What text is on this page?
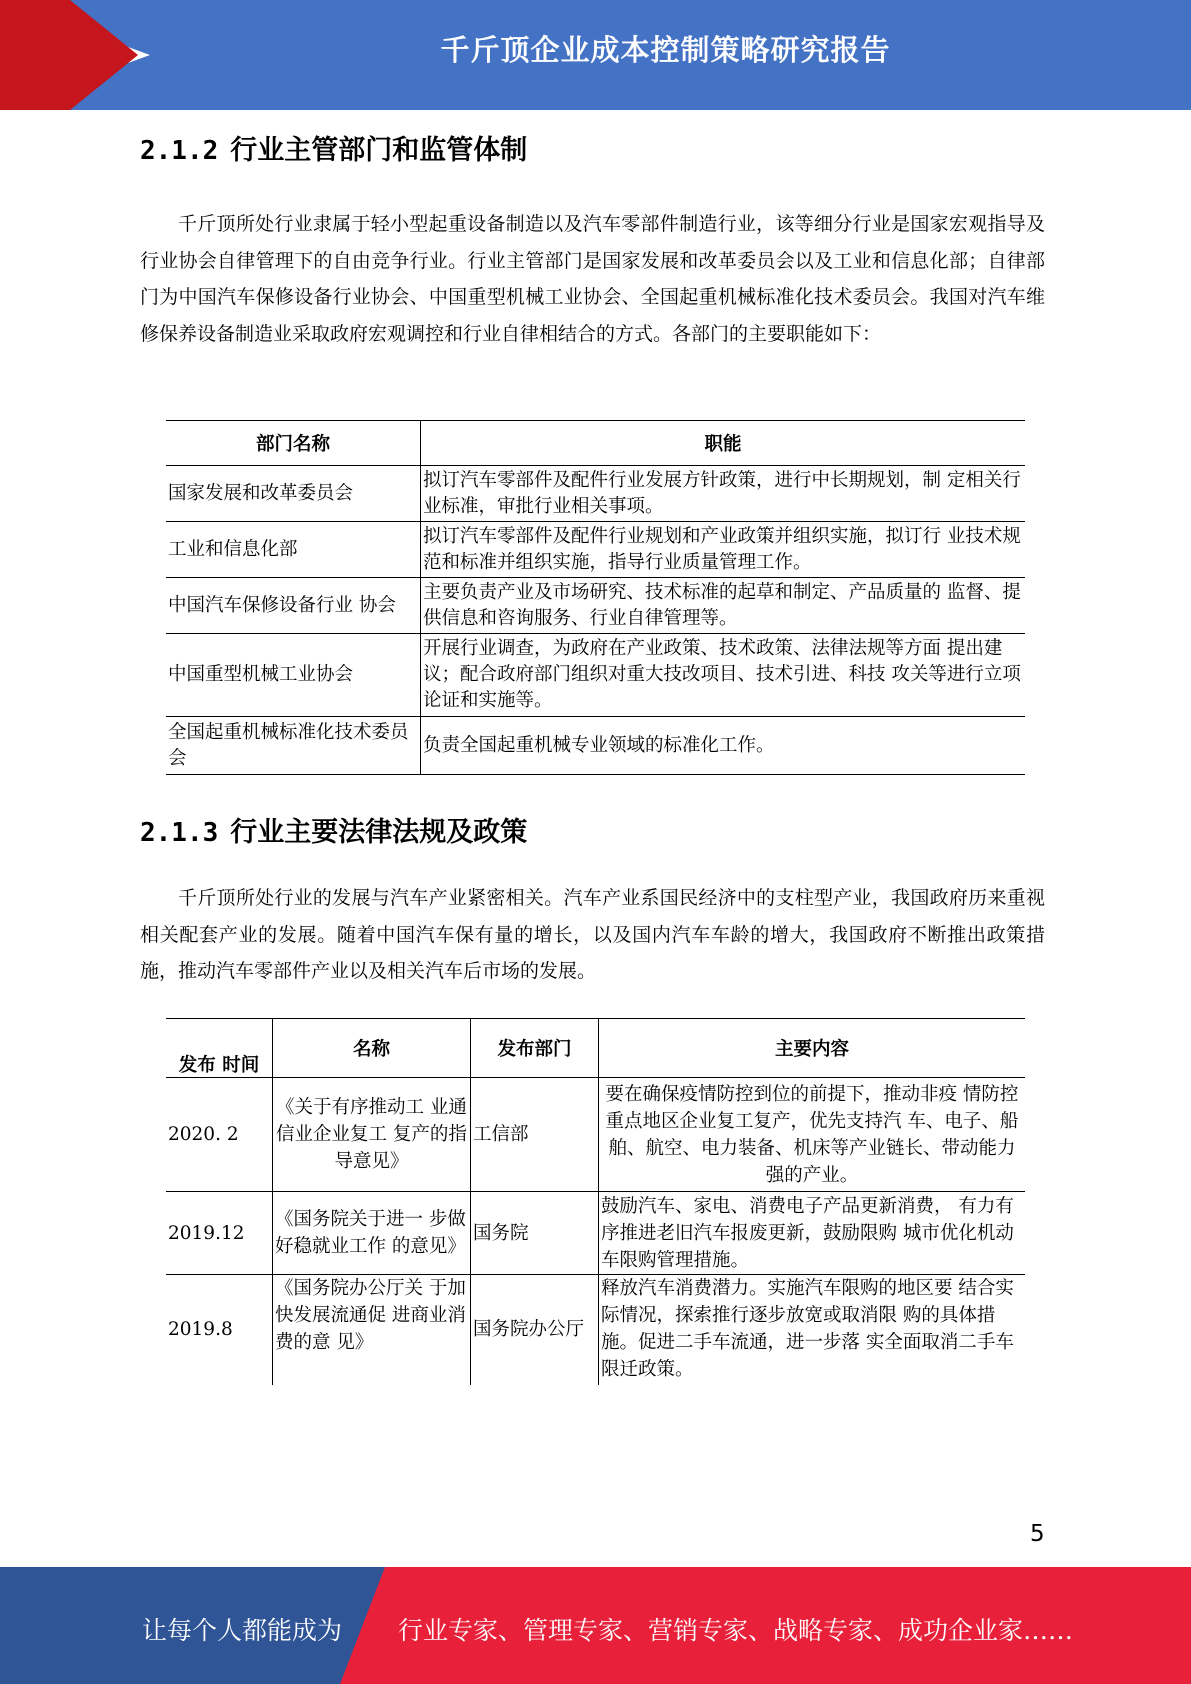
千斤顶企业成本控制策略研究报告
2.1.2 行业主管部门和监管体制
千斤顶所处行业隶属于轻小型起重设备制造以及汽车零部件制造行业，该等细分行业是国家宏观指导及行业协会自律管理下的自由竞争行业。行业主管部门是国家发展和改革委员会以及工业和信息化部；自律部门为中国汽车保修设备行业协会、中国重型机械工业协会、全国起重机械标准化技术委员会。我国对汽车维修保养设备制造业采取政府宏观调控和行业自律相结合的方式。各部门的主要职能如下：
部门名称	职能
国家发展和改革委员会	拟订汽车零部件及配件行业发展方针政策，进行中长期规划，制 定相关行业标准，审批行业相关事项。
工业和信息化部	拟订汽车零部件及配件行业规划和产业政策并组织实施，拟订行 业技术规范和标准并组织实施，指导行业质量管理工作。
中国汽车保修设备行业 协会	主要负责产业及市场研究、技术标准的起草和制定、产品质量的 监督、提供信息和咨询服务、行业自律管理等。
中国重型机械工业协会	开展行业调查，为政府在产业政策、技术政策、法律法规等方面 提出建议；配合政府部门组织对重大技改项目、技术引进、科技 攻关等进行立项论证和实施等。
全国起重机械标准化技术委员会	负责全国起重机械专业领域的标准化工作。
2.1.3 行业主要法律法规及政策
千斤顶所处行业的发展与汽车产业紧密相关。汽车产业系国民经济中的支柱型产业，我国政府历来重视相关配套产业的发展。随着中国汽车保有量的增长，以及国内汽车车龄的增大，我国政府不断推出政策措施，推动汽车零部件产业以及相关汽车后市场的发展。
发布 时间	名称	发布部门	主要内容
2020. 2	《关于有序推动工 业通信业企业复工 复产的指导意见》	工信部	要在确保疫情防控到位的前提下，推动非疫 情防控重点地区企业复工复产，优先支持汽 车、电子、船舶、航空、电力装备、机床等产业链长、带动能力强的产业。
2019.12	《国务院关于进一 步做好稳就业工作 的意见》	国务院	鼓励汽车、家电、消费电子产品更新消费， 有力有序推进老旧汽车报废更新，鼓励限购 城市优化机动车限购管理措施。
2019.8	《国务院办公厅关 于加快发展流通促 进商业消费的意 见》	国务院办公厅	释放汽车消费潜力。实施汽车限购的地区要 结合实际情况，探索推行逐步放宽或取消限 购的具体措施。促进二手车流通，进一步落 实全面取消二手车限迁政策。
5
让每个人都能成为 行业专家、管理专家、营销专家、战略专家、成功企业家……
